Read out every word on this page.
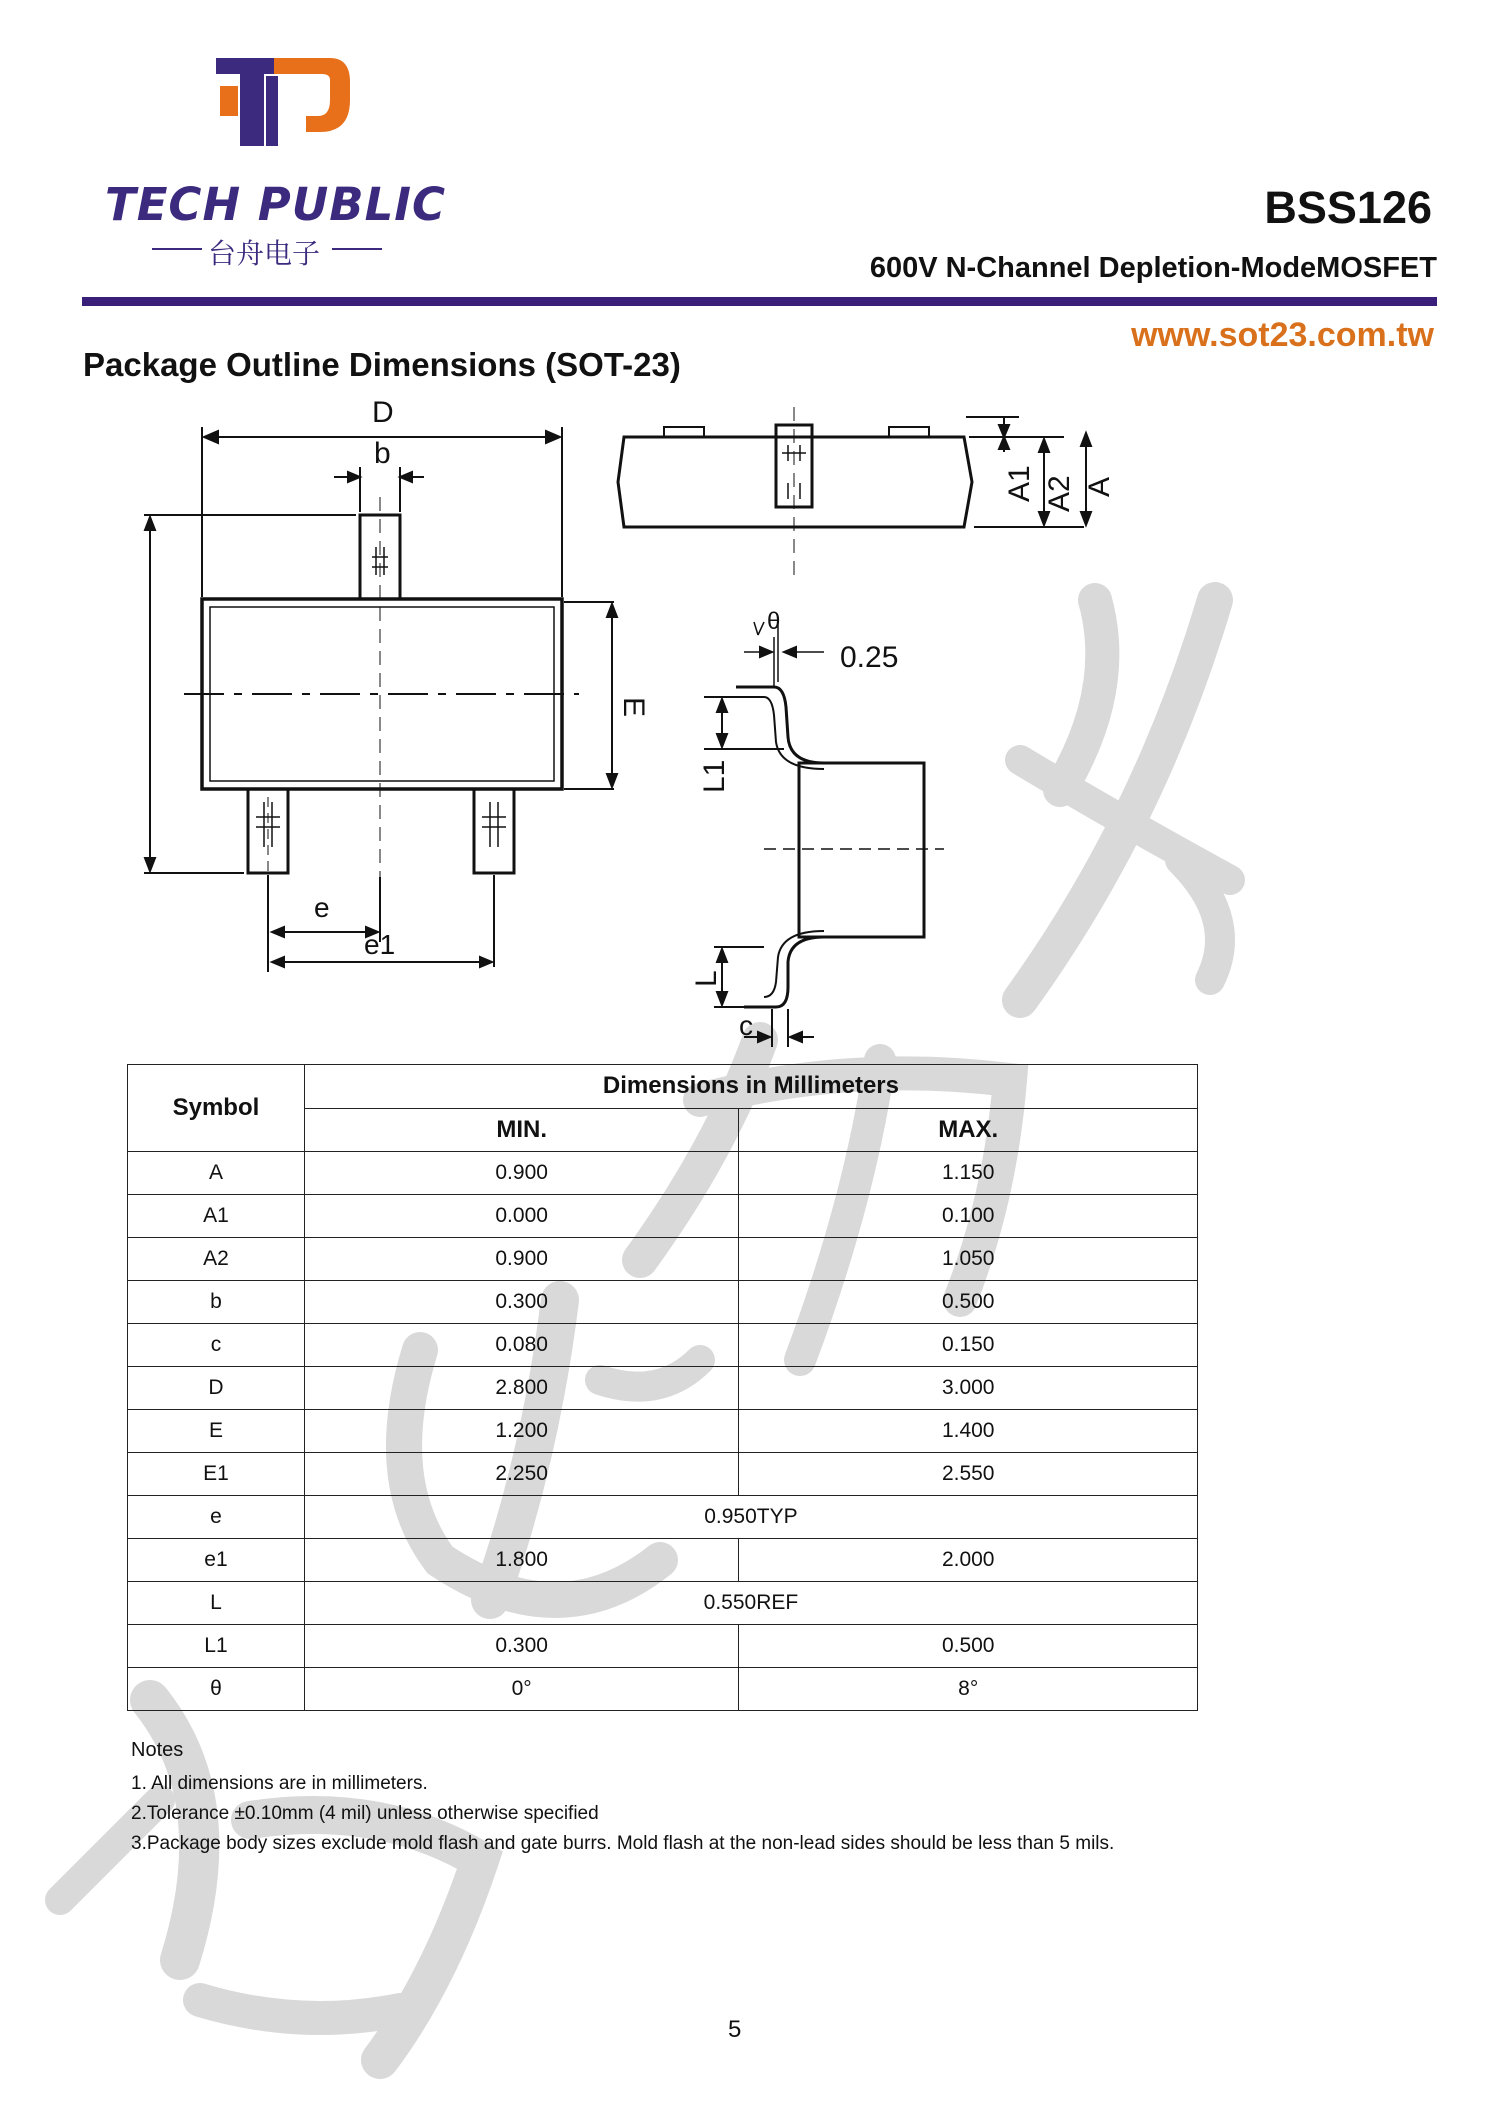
TECH PUBLIC
台舟电子
BSS126
600V N-Channel Depletion-ModeMOSFET
www.sot23.com.tw
Package Outline Dimensions (SOT-23)
D
b
E
e
e1
A1 A2 A
θ
0.25
L1
L
c
Symbol	Dimensions in Millimeters	
	MIN.	MAX.
A	0.900	1.150
A1	0.000	0.100
A2	0.900	1.050
b	0.300	0.500
c	0.080	0.150
D	2.800	3.000
E	1.200	1.400
E1	2.250	2.550
e	0.950TYP	
e1	1.800	2.000
L	0.550REF	
L1	0.300	0.500
θ	0°	8°
Notes
1. All dimensions are in millimeters.
2.Tolerance ±0.10mm (4 mil) unless otherwise specified
3.Package body sizes exclude mold flash and gate burrs. Mold flash at the non-lead sides should be less than 5 mils.
5
